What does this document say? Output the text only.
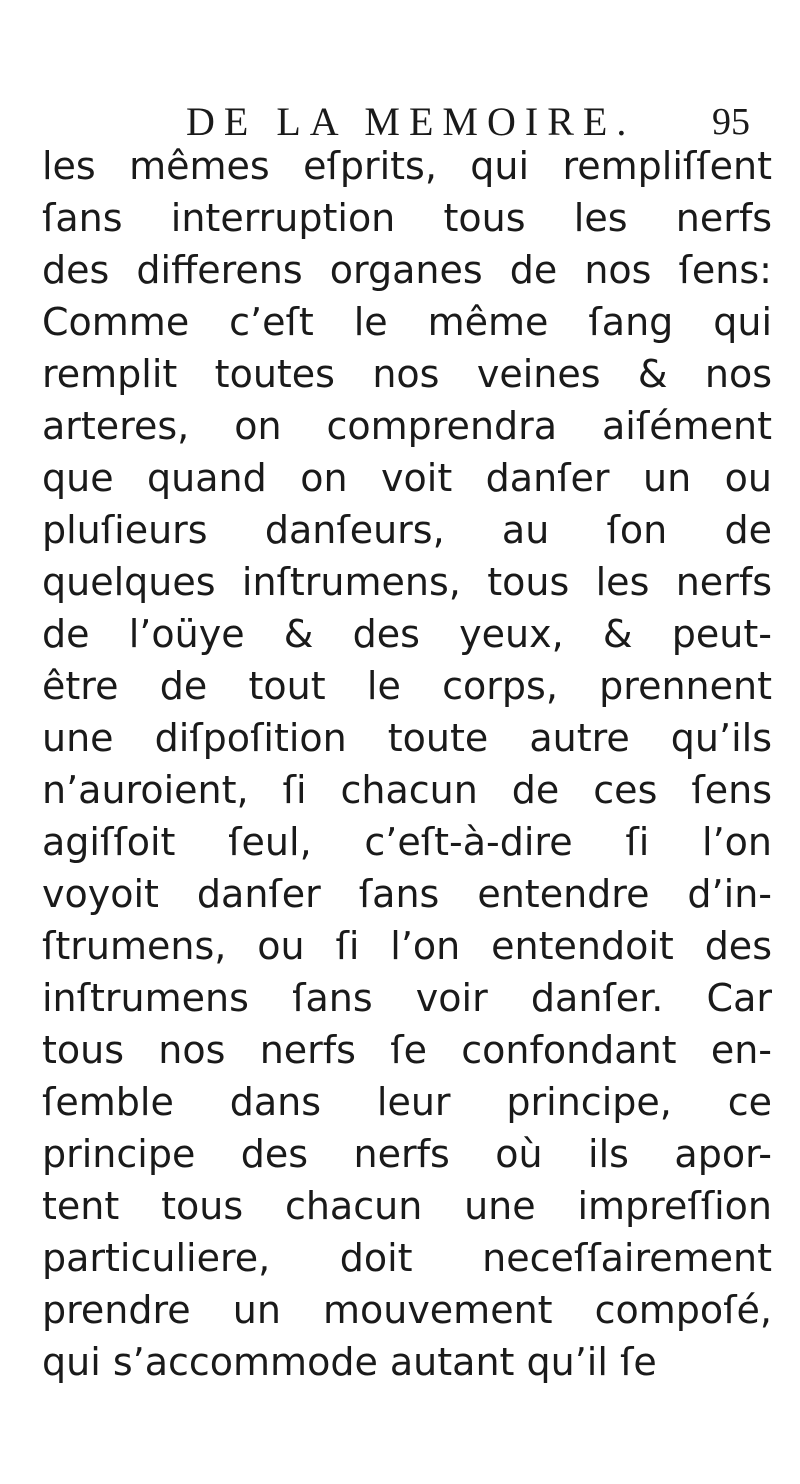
DE LA MEMOIRE. 95
les mêmes eſprits, qui rempliſſent
ſans interruption tous les nerfs
des differens organes de nos ſens:
Comme c’eſt le même ſang qui
remplit toutes nos veines & nos
arteres, on comprendra aiſément
que quand on voit danſer un ou
pluſieurs danſeurs, au ſon de
quelques inſtrumens, tous les nerfs
de l’oüye & des yeux, & peut-
être de tout le corps, prennent
une diſpoſition toute autre qu’ils
n’auroient, ſi chacun de ces ſens
agiſſoit ſeul, c’eſt-à-dire ſi l’on
voyoit danſer ſans entendre d’in-
ſtrumens, ou ſi l’on entendoit des
inſtrumens ſans voir danſer. Car
tous nos nerfs ſe confondant en-
ſemble dans leur principe, ce
principe des nerfs où ils apor-
tent tous chacun une impreſſion
particuliere, doit neceſſairement
prendre un mouvement compoſé,
qui s’accommode autant qu’il ſe
